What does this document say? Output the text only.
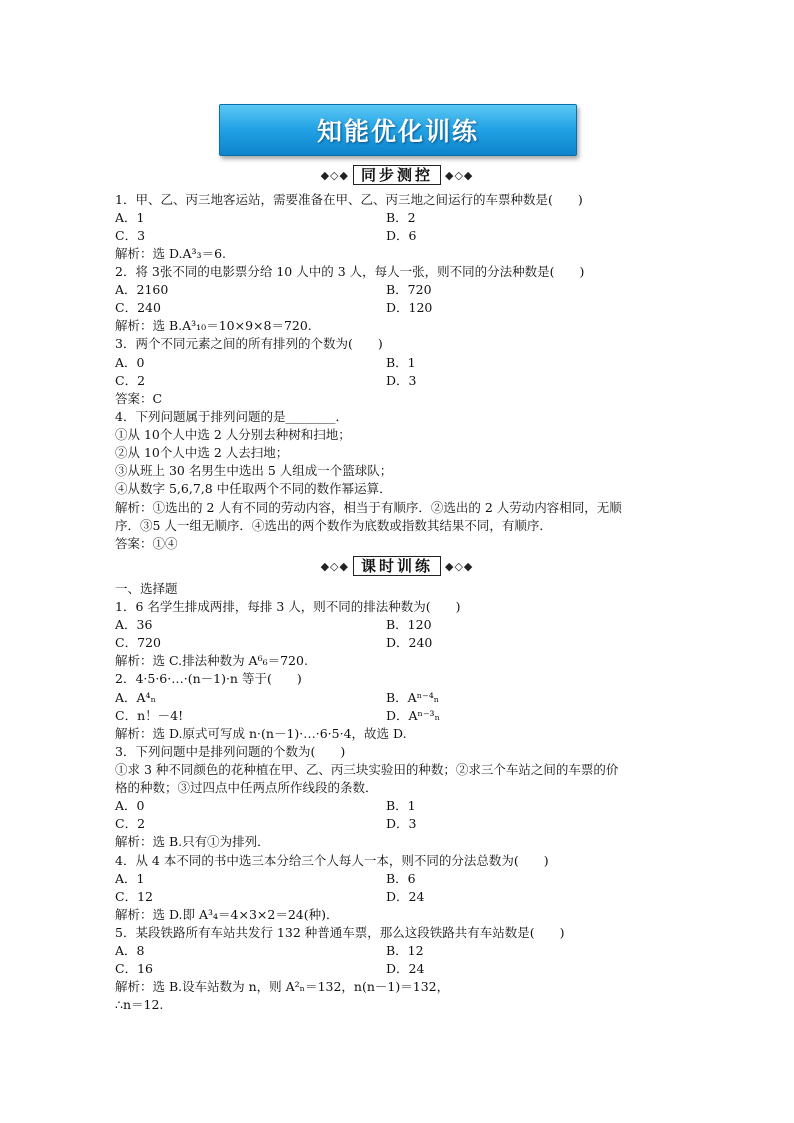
知能优化训练
◆◇◆ 同步测控	◆◇◆
1．甲、乙、丙三地客运站，需要准备在甲、乙、丙三地之间运行的车票种数是(　　)
A．1	B．2
C．3	D．6
解析：选 D.A³₃＝6.
2．将 3张不同的电影票分给 10 人中的 3 人，每人一张，则不同的分法种数是(　　)
A．2160	B．720
C．240	D．120
解析：选 B.A³₁₀＝10×9×8＝720.
3．两个不同元素之间的所有排列的个数为(　　)
A．0	B．1
C．2	D．3
答案：C
4．下列问题属于排列问题的是________．
①从 10个人中选 2 人分别去种树和扫地；
②从 10个人中选 2 人去扫地；
③从班上 30 名男生中选出 5 人组成一个篮球队；
④从数字 5,6,7,8 中任取两个不同的数作幂运算．
解析：①选出的 2 人有不同的劳动内容，相当于有顺序．②选出的 2 人劳动内容相同，无顺
序．③5 人一组无顺序．④选出的两个数作为底数或指数其结果不同，有顺序．
答案：①④
◆◇◆ 课时训练	◆◇◆
一、选择题
1．6 名学生排成两排，每排 3 人，则不同的排法种数为(　　)
A．36	B．120
C．720	D．240
解析：选 C.排法种数为 A⁶₆＝720.
2．4·5·6·…·(n－1)·n 等于(　　)
A．A⁴ₙ	B．Aⁿ⁻⁴ₙ
C．n！－4!	D．Aⁿ⁻³ₙ
解析：选 D.原式可写成 n·(n－1)·…·6·5·4，故选 D.
3．下列问题中是排列问题的个数为(　　)
①求 3 种不同颜色的花种植在甲、乙、丙三块实验田的种数；②求三个车站之间的车票的价
格的种数；③过四点中任两点所作线段的条数．
A．0	B．1
C．2	D．3
解析：选 B.只有①为排列．
4．从 4 本不同的书中选三本分给三个人每人一本，则不同的分法总数为(　　)
A．1	B．6
C．12	D．24
解析：选 D.即 A³₄＝4×3×2＝24(种)．
5．某段铁路所有车站共发行 132 种普通车票，那么这段铁路共有车站数是(　　)
A．8	B．12
C．16	D．24
解析：选 B.设车站数为 n，则 A²ₙ＝132，n(n－1)＝132，
∴n＝12.
